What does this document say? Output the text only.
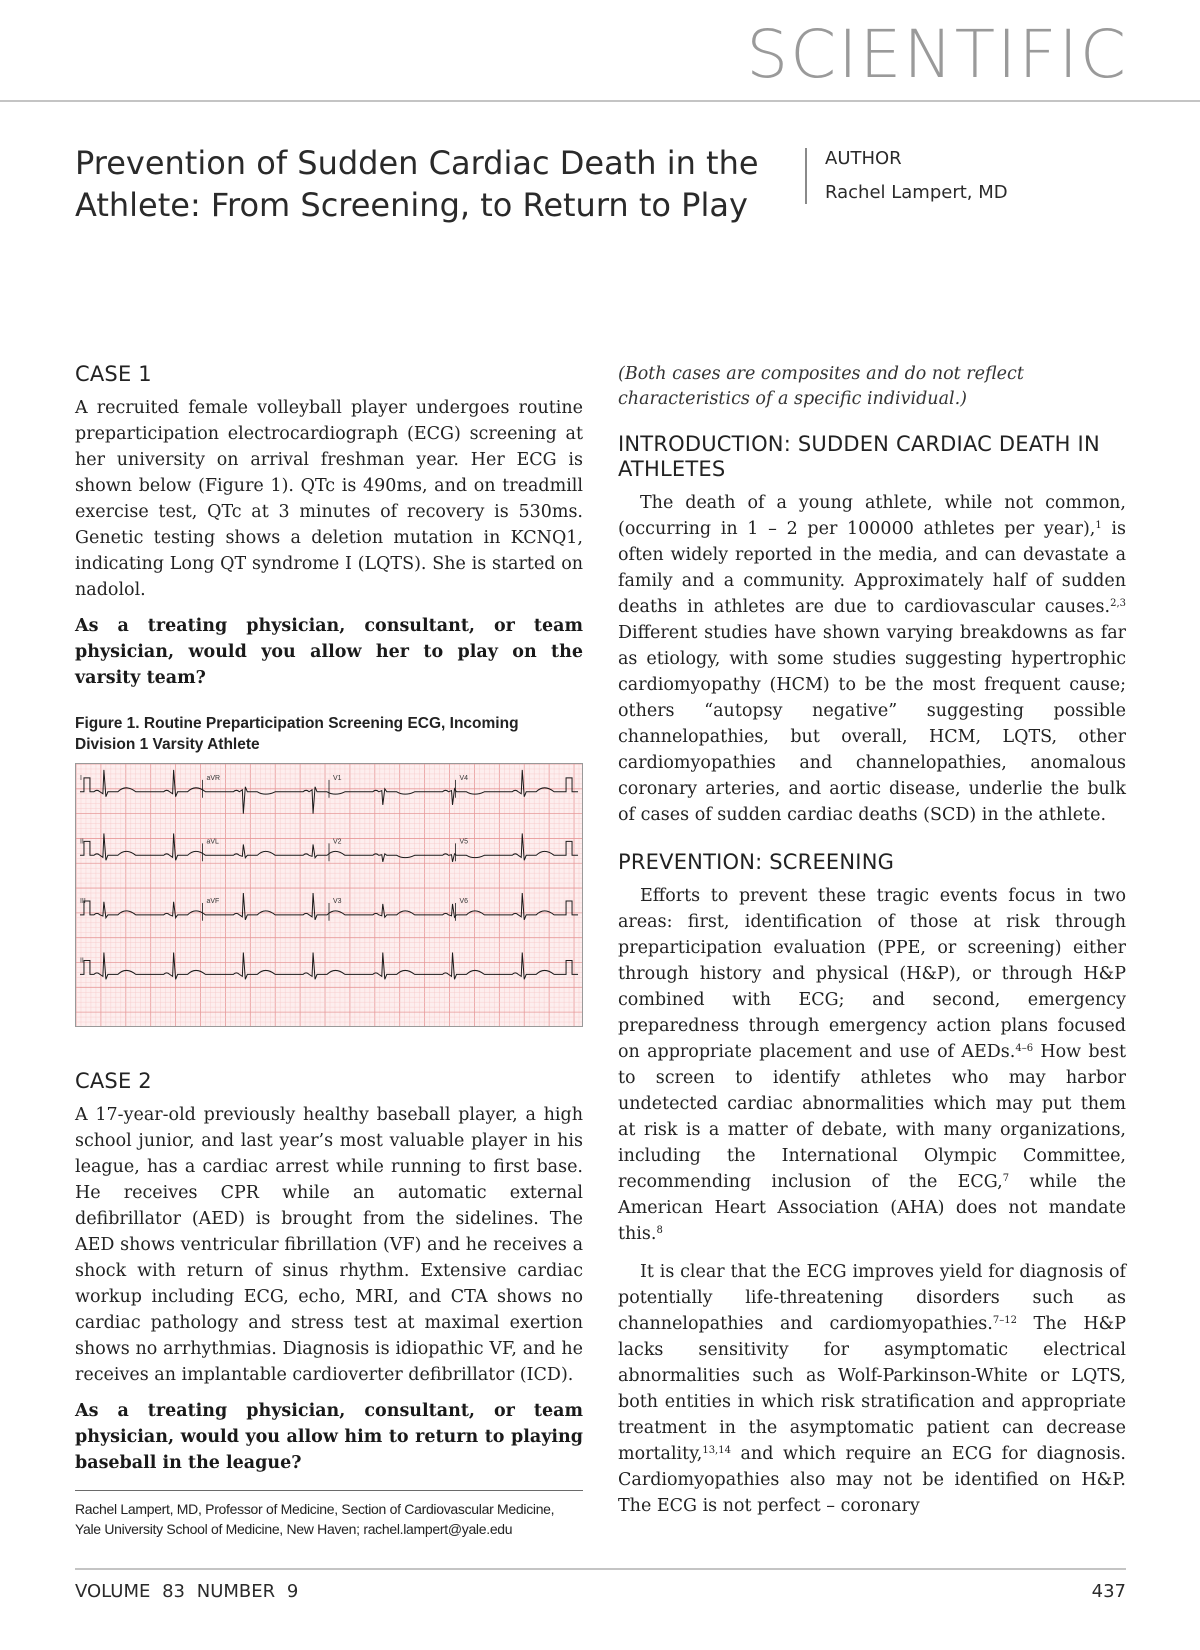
SCIENTIFIC
Prevention of Sudden Cardiac Death in the Athlete: From Screening, to Return to Play
AUTHOR
Rachel Lampert, MD
CASE 1

A recruited female volleyball player undergoes routine preparticipation electrocardiograph (ECG) screening at her university on arrival freshman year. Her ECG is shown below (Figure 1). QTc is 490ms, and on treadmill exercise test, QTc at 3 minutes of recovery is 530ms. Genetic testing shows a deletion mutation in KCNQ1, indicating Long QT syndrome I (LQTS). She is started on nadolol.

As a treating physician, consultant, or team physician, would you allow her to play on the varsity team?

Figure 1. Routine Preparticipation Screening ECG, Incoming Division 1 Varsity Athlete
I	aVR	V1	V4
II	aVL	V2	V5
III	aVF	V3	V6
II
CASE 2

A 17-year-old previously healthy baseball player, a high school junior, and last year’s most valuable player in his league, has a cardiac arrest while running to first base. He receives CPR while an automatic external defibrillator (AED) is brought from the sidelines. The AED shows ventricular fibrillation (VF) and he receives a shock with return of sinus rhythm. Extensive cardiac workup including ECG, echo, MRI, and CTA shows no cardiac pathology and stress test at maximal exertion shows no arrhythmias. Diagnosis is idiopathic VF, and he receives an implantable cardioverter defibrillator (ICD).

As a treating physician, consultant, or team physician, would you allow him to return to playing baseball in the league?

Rachel Lampert, MD, Professor of Medicine, Section of Cardiovascular Medicine, Yale University School of Medicine, New Haven; rachel.lampert@yale.edu

(Both cases are composites and do not reflect characteristics of a specific individual.)

INTRODUCTION: SUDDEN CARDIAC DEATH IN ATHLETES

The death of a young athlete, while not common, (occurring in 1 – 2 per 100000 athletes per year),$^1$ is often widely reported in the media, and can devastate a family and a community. Approximately half of sudden deaths in athletes are due to cardiovascular causes.$^{2,3}$ Different studies have shown varying breakdowns as far as etiology, with some studies suggesting hypertrophic cardiomyopathy (HCM) to be the most frequent cause; others “autopsy negative” suggesting possible channelopathies, but overall, HCM, LQTS, other cardiomyopathies and channelopathies, anomalous coronary arteries, and aortic disease, underlie the bulk of cases of sudden cardiac deaths (SCD) in the athlete.

PREVENTION: SCREENING

Efforts to prevent these tragic events focus in two areas: first, identification of those at risk through preparticipation evaluation (PPE, or screening) either through history and physical (H&P), or through H&P combined with ECG; and second, emergency preparedness through emergency action plans focused on appropriate placement and use of AEDs.$^{4-6}$ How best to screen to identify athletes who may harbor undetected cardiac abnormalities which may put them at risk is a matter of debate, with many organizations, including the International Olympic Committee, recommending inclusion of the ECG,$^7$ while the American Heart Association (AHA) does not mandate this.$^8$

It is clear that the ECG improves yield for diagnosis of potentially life-threatening disorders such as channelopathies and cardiomyopathies.$^{7-12}$ The H&P lacks sensitivity for asymptomatic electrical abnormalities such as Wolf-Parkinson-White or LQTS, both entities in which risk stratification and appropriate treatment in the asymptomatic patient can decrease mortality,$^{13,14}$ and which require an ECG for diagnosis. Cardiomyopathies also may not be identified on H&P. The ECG is not perfect – coronary

VOLUME 83 NUMBER 9	437
